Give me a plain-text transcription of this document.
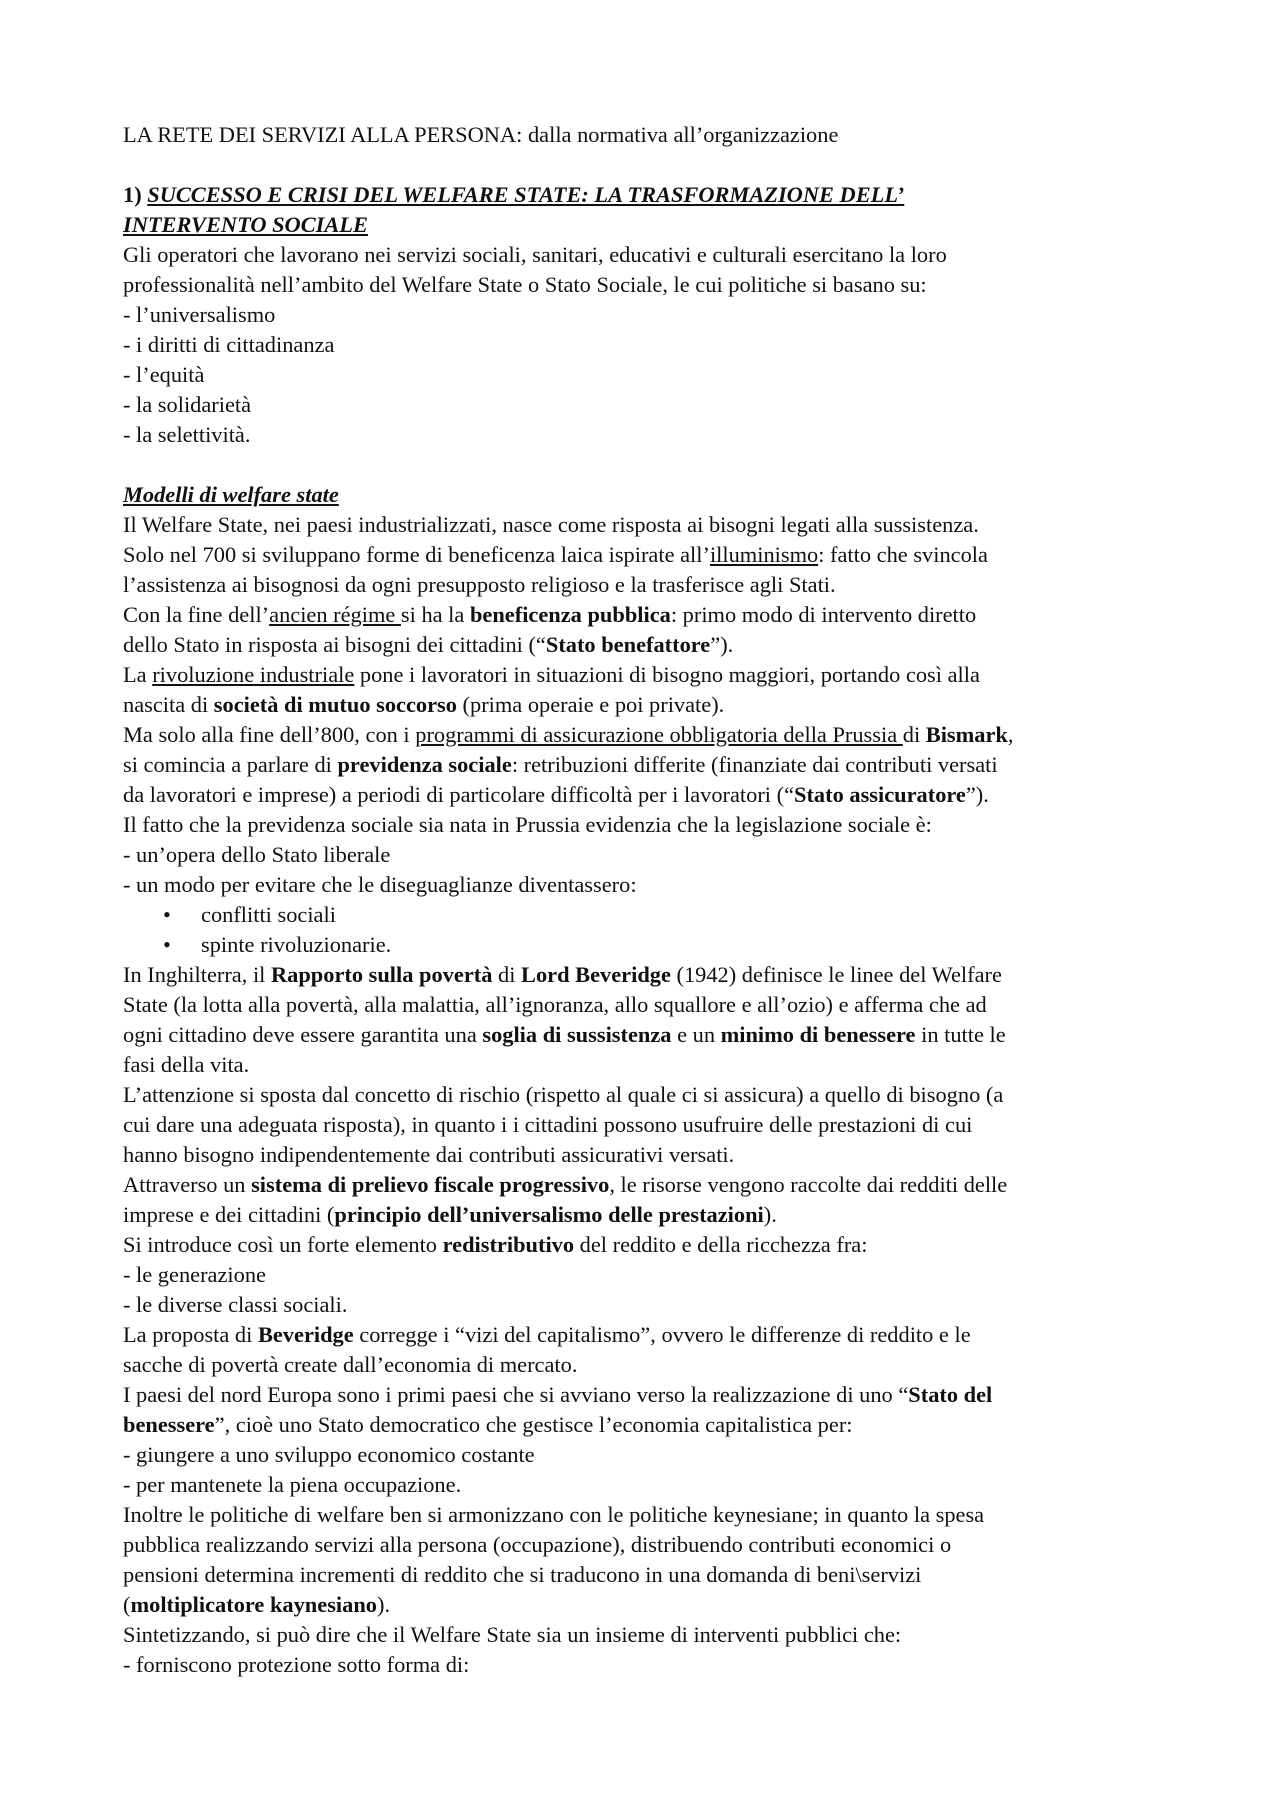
LA RETE DEI SERVIZI ALLA PERSONA: dalla normativa all’organizzazione

1) SUCCESSO E CRISI DEL WELFARE STATE: LA TRASFORMAZIONE DELL’

INTERVENTO SOCIALE

Gli operatori che lavorano nei servizi sociali, sanitari, educativi e culturali esercitano la loro

professionalità nell’ambito del Welfare State o Stato Sociale, le cui politiche si basano su:

- l’universalismo

- i diritti di cittadinanza

- l’equità

- la solidarietà

- la selettività.

Modelli di welfare state

Il Welfare State, nei paesi industrializzati, nasce come risposta ai bisogni legati alla sussistenza.

Solo nel 700 si sviluppano forme di beneficenza laica ispirate all’illuminismo: fatto che svincola

l’assistenza ai bisognosi da ogni presupposto religioso e la trasferisce agli Stati.

Con la fine dell’ancien régime si ha la beneficenza pubblica: primo modo di intervento diretto

dello Stato in risposta ai bisogni dei cittadini (“Stato benefattore”).

La rivoluzione industriale pone i lavoratori in situazioni di bisogno maggiori, portando così alla

nascita di società di mutuo soccorso (prima operaie e poi private).

Ma solo alla fine dell’800, con i programmi di assicurazione obbligatoria della Prussia di Bismark,

si comincia a parlare di previdenza sociale: retribuzioni differite (finanziate dai contributi versati

da lavoratori e imprese) a periodi di particolare difficoltà per i lavoratori (“Stato assicuratore”).

Il fatto che la previdenza sociale sia nata in Prussia evidenzia che la legislazione sociale è:

- un’opera dello Stato liberale

- un modo per evitare che le diseguaglianze diventassero:

• conflitti sociali

• spinte rivoluzionarie.

In Inghilterra, il Rapporto sulla povertà di Lord Beveridge (1942) definisce le linee del Welfare

State (la lotta alla povertà, alla malattia, all’ignoranza, allo squallore e all’ozio) e afferma che ad

ogni cittadino deve essere garantita una soglia di sussistenza e un minimo di benessere in tutte le

fasi della vita.

L’attenzione si sposta dal concetto di rischio (rispetto al quale ci si assicura) a quello di bisogno (a

cui dare una adeguata risposta), in quanto i i cittadini possono usufruire delle prestazioni di cui

hanno bisogno indipendentemente dai contributi assicurativi versati.

Attraverso un sistema di prelievo fiscale progressivo, le risorse vengono raccolte dai redditi delle

imprese e dei cittadini (principio dell’universalismo delle prestazioni).

Si introduce così un forte elemento redistributivo del reddito e della ricchezza fra:

- le generazione

- le diverse classi sociali.

La proposta di Beveridge corregge i “vizi del capitalismo”, ovvero le differenze di reddito e le

sacche di povertà create dall’economia di mercato.

I paesi del nord Europa sono i primi paesi che si avviano verso la realizzazione di uno “Stato del

benessere”, cioè uno Stato democratico che gestisce l’economia capitalistica per:

- giungere a uno sviluppo economico costante

- per mantenete la piena occupazione.

Inoltre le politiche di welfare ben si armonizzano con le politiche keynesiane; in quanto la spesa

pubblica realizzando servizi alla persona (occupazione), distribuendo contributi economici o

pensioni determina incrementi di reddito che si traducono in una domanda di beni\servizi

(moltiplicatore kaynesiano).

Sintetizzando, si può dire che il Welfare State sia un insieme di interventi pubblici che:

- forniscono protezione sotto forma di:
